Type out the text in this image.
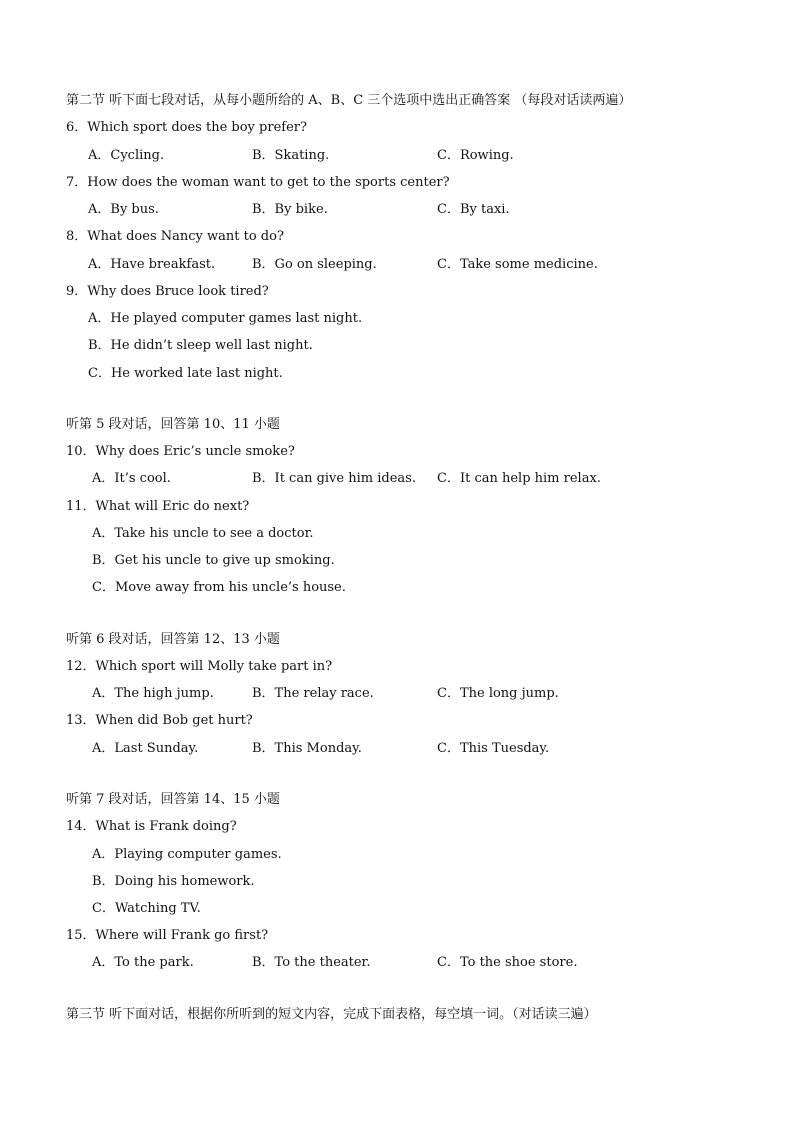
第二节 听下面七段对话，从每小题所给的 A、B、C 三个选项中选出正确答案 （每段对话读两遍）
6．Which sport does the boy prefer?
A．Cycling.	B．Skating.	C．Rowing.
7．How does the woman want to get to the sports center?
A．By bus.	B．By bike.	C．By taxi.
8．What does Nancy want to do?
A．Have breakfast.	B．Go on sleeping.	C．Take some medicine.
9．Why does Bruce look tired?
A．He played computer games last night.
B．He didn’t sleep well last night.
C．He worked late last night.
听第 5 段对话，回答第 10、11 小题
10．Why does Eric’s uncle smoke?
A．It’s cool.	B．It can give him ideas. C．It can help him relax.
11．What will Eric do next?
A．Take his uncle to see a doctor.
B．Get his uncle to give up smoking.
C．Move away from his uncle’s house.
听第 6 段对话，回答第 12、13 小题
12．Which sport will Molly take part in?
A．The high jump.	B．The relay race.	C．The long jump.
13．When did Bob get hurt?
A．Last Sunday.	B．This Monday.	C．This Tuesday.
听第 7 段对话，回答第 14、15 小题
14．What is Frank doing?
A．Playing computer games.
B．Doing his homework.
C．Watching TV.
15．Where will Frank go first?
A．To the park.	B．To the theater.	C．To the shoe store.
第三节 听下面对话，根据你所听到的短文内容，完成下面表格，每空填一词。（对话读三遍）
